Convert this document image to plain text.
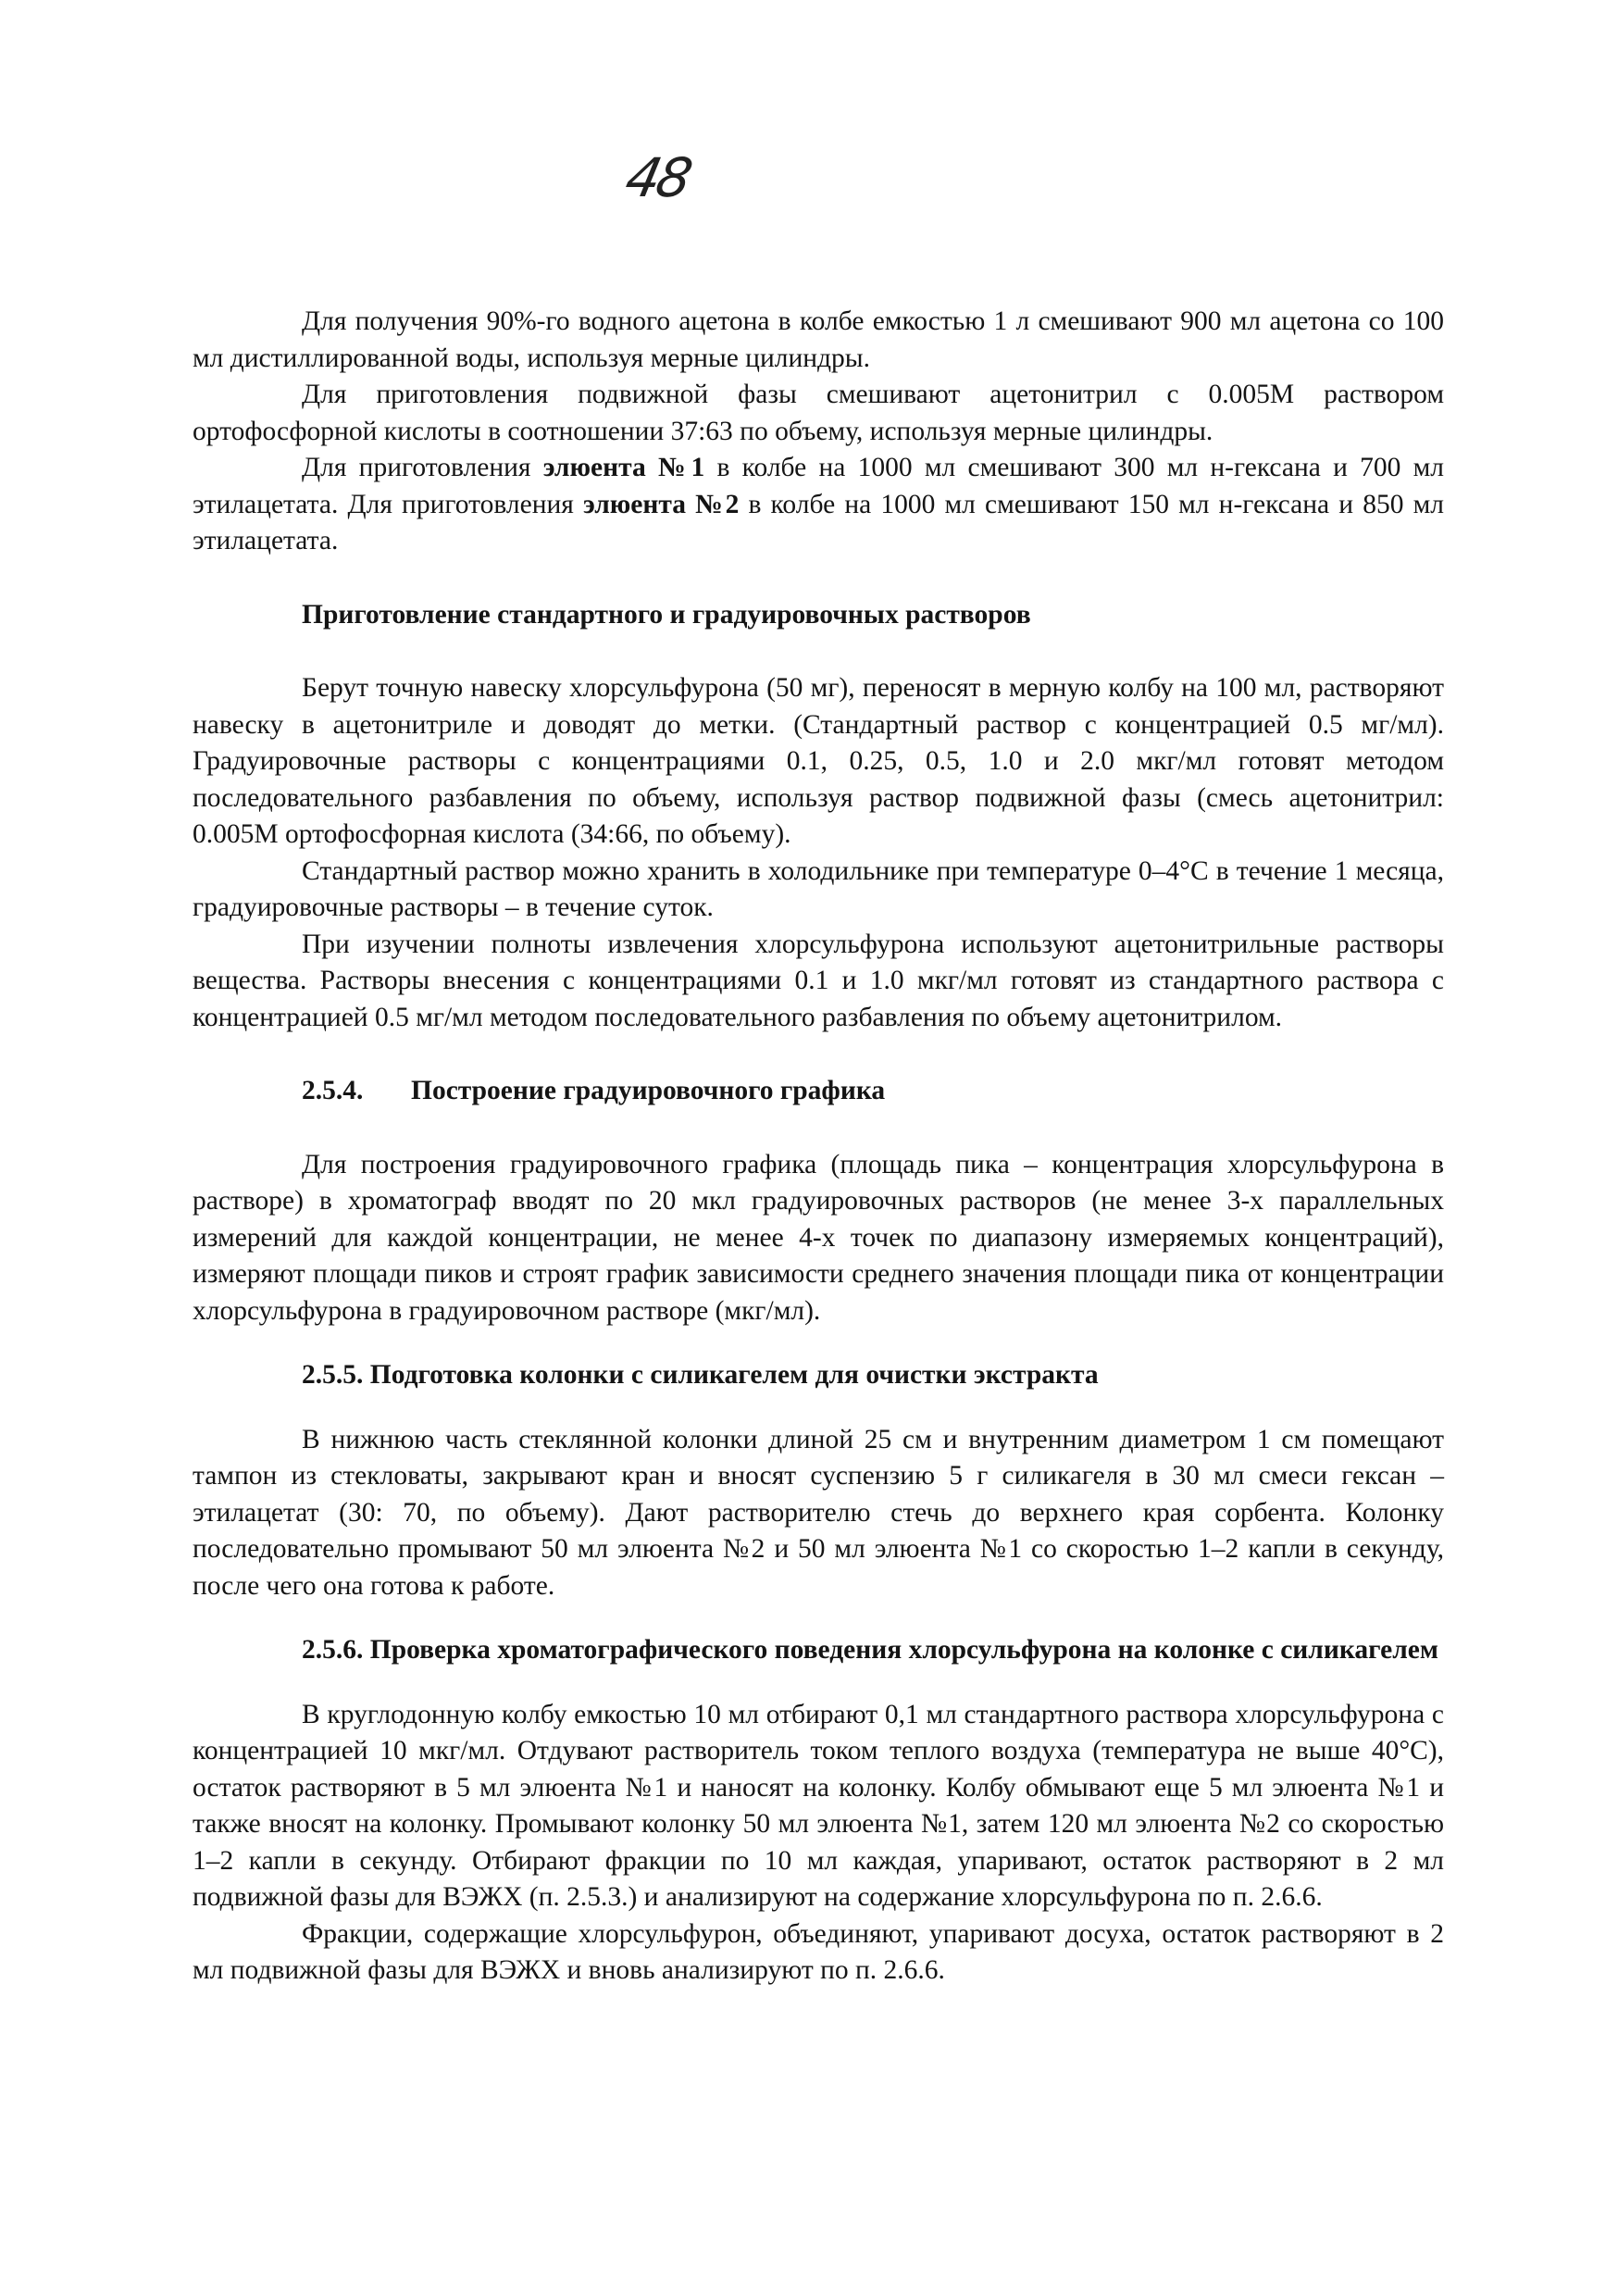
48

Для получения 90%-го водного ацетона в колбе емкостью 1 л смешивают 900 мл ацетона со 100 мл дистиллированной воды, используя мерные цилиндры.

Для приготовления подвижной фазы смешивают ацетонитрил с 0.005М раствором ортофосфорной кислоты в соотношении 37:63 по объему, используя мерные цилиндры.

Для приготовления элюента №1 в колбе на 1000 мл смешивают 300 мл н-гексана и 700 мл этилацетата. Для приготовления элюента №2 в колбе на 1000 мл смешивают 150 мл н-гексана и 850 мл этилацетата.

Приготовление стандартного и градуировочных растворов

Берут точную навеску хлорсульфурона (50 мг), переносят в мерную колбу на 100 мл, растворяют навеску в ацетонитриле и доводят до метки. (Стандартный раствор с концентрацией 0.5 мг/мл). Градуировочные растворы с концентрациями 0.1, 0.25, 0.5, 1.0 и 2.0 мкг/мл готовят методом последовательного разбавления по объему, используя раствор подвижной фазы (смесь ацетонитрил: 0.005М ортофосфорная кислота (34:66, по объему).

Стандартный раствор можно хранить в холодильнике при температуре 0–4°С в течение 1 месяца, градуировочные растворы – в течение суток.

При изучении полноты извлечения хлорсульфурона используют ацетонитрильные растворы вещества. Растворы внесения с концентрациями 0.1 и 1.0 мкг/мл готовят из стандартного раствора с концентрацией 0.5 мг/мл методом последовательного разбавления по объему ацетонитрилом.

2.5.4. Построение градуировочного графика

Для построения градуировочного графика (площадь пика – концентрация хлорсульфурона в растворе) в хроматограф вводят по 20 мкл градуировочных растворов (не менее 3-х параллельных измерений для каждой концентрации, не менее 4-х точек по диапазону измеряемых концентраций), измеряют площади пиков и строят график зависимости среднего значения площади пика от концентрации хлорсульфурона в градуировочном растворе (мкг/мл).

2.5.5. Подготовка колонки с силикагелем для очистки экстракта

В нижнюю часть стеклянной колонки длиной 25 см и внутренним диаметром 1 см помещают тампон из стекловаты, закрывают кран и вносят суспензию 5 г силикагеля в 30 мл смеси гексан – этилацетат (30: 70, по объему). Дают растворителю стечь до верхнего края сорбента. Колонку последовательно промывают 50 мл элюента №2 и 50 мл элюента №1 со скоростью 1–2 капли в секунду, после чего она готова к работе.

2.5.6. Проверка хроматографического поведения хлорсульфурона на колонке с силикагелем

В круглодонную колбу емкостью 10 мл отбирают 0,1 мл стандартного раствора хлорсульфурона с концентрацией 10 мкг/мл. Отдувают растворитель током теплого воздуха (температура не выше 40°С), остаток растворяют в 5 мл элюента №1 и наносят на колонку. Колбу обмывают еще 5 мл элюента №1 и также вносят на колонку. Промывают колонку 50 мл элюента №1, затем 120 мл элюента №2 со скоростью 1–2 капли в секунду. Отбирают фракции по 10 мл каждая, упаривают, остаток растворяют в 2 мл подвижной фазы для ВЭЖХ (п. 2.5.3.) и анализируют на содержание хлорсульфурона по п. 2.6.6.

Фракции, содержащие хлорсульфурон, объединяют, упаривают досуха, остаток растворяют в 2 мл подвижной фазы для ВЭЖХ и вновь анализируют по п. 2.6.6.
